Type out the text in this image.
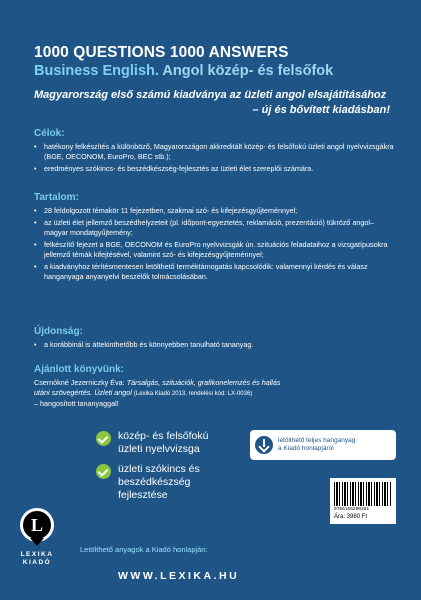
1000 QUESTIONS 1000 ANSWERS
Business English. Angol közép- és felsőfok
Magyarország első számú kiadványa az üzleti angol elsajátításához
– új és bővített kiadásban!
Célok:
• hatékony felkészítés a különböző, Magyarországon akkreditált közép- és felsőfokú üzleti angol nyelvvizsgákra (BGE, OECONOM, EuroPro, BEC stb.);
• eredményes szókincs- és beszédkészség-fejlesztés az üzleti élet szereplői számára.
Tartalom:
• 28 feldolgozott témakör 11 fejezetben, szakmai szó- és kifejezésgyűjteménnyel;
• az üzleti élet jellemző beszédhelyzeteit (pl. időpont-egyeztetés, reklamáció, prezentáció) tükröző angol–magyar mondatgyűjtemény;
• felkészítő fejezet a BGE, OECONOM és EuroPro nyelvvizsgák ún. szituációs feladataihoz a vizsgatípusokra jellemző témák kifejtésével, valamint szó- és kifejezésgyűjteménnyel;
• a kiadványhoz térítésmentesen letölthető terméktámogatás kapcsolódik: valamennyi kérdés és válasz hanganyaga anyanyelvi beszélők tolmácsolásában.
Újdonság:
• a korábbinál is áttekinthetőbb és könnyebben tanulható tananyag.
Ajánlott könyvünk:
Csernókné Jezerniczky Éva: Társalgás, szituációk, grafikonelemzés és hallás
utáni szövegértés. Üzleti angol (Lexika Kiadó 2013, rendelési kód: LX-0036)
– hangosított tananyaggal!
közép- és felsőfokú
üzleti nyelvvizsga
üzleti szókincs és
beszédkészség fejlesztése
letölthető teljes hanganyag
a Kiadó honlapjáról
9786155200281
Ára: 3980 Ft
L
LEXIKA
KIADÓ
Letölthető anyagok a Kiadó honlapján:
WWW.LEXIKA.HU
